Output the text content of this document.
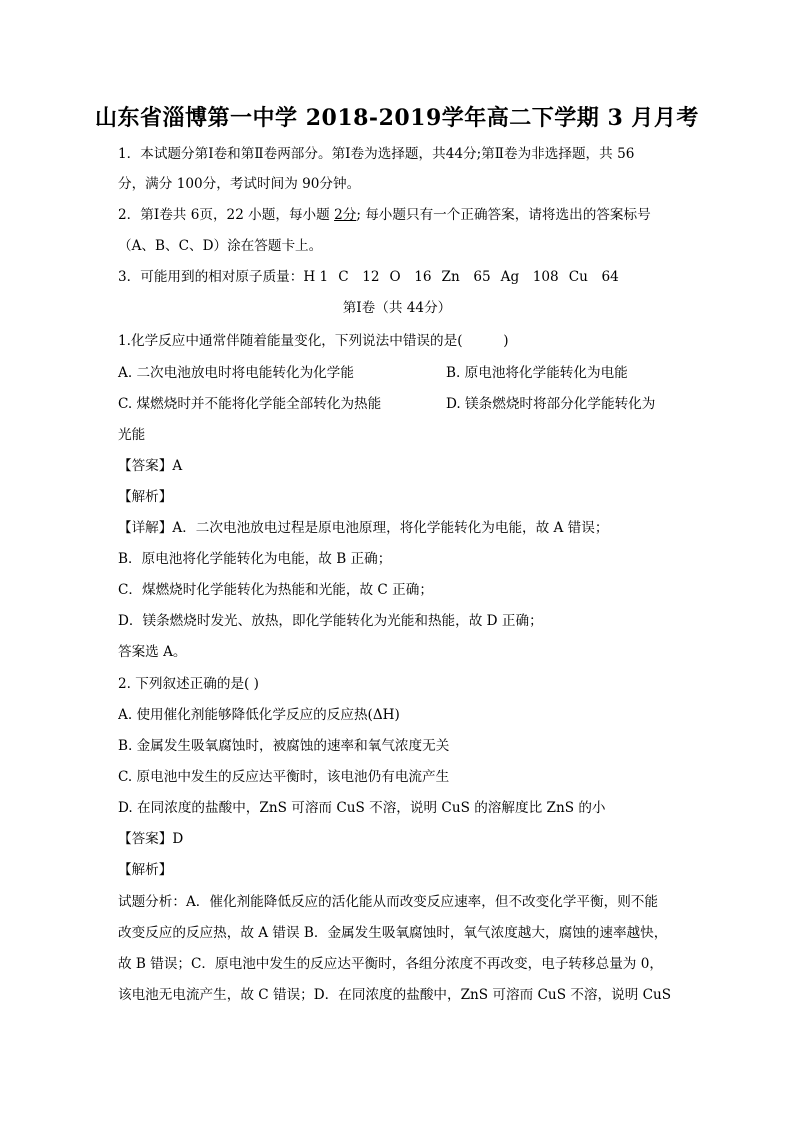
山东省淄博第一中学 2018-2019学年高二下学期 3 月月考
1．本试题分第Ⅰ卷和第Ⅱ卷两部分。第Ⅰ卷为选择题，共44分;第Ⅱ卷为非选择题，共 56
分，满分 100分，考试时间为 90分钟。
2．第Ⅰ卷共 6页，22 小题，每小题 2分; 每小题只有一个正确答案，请将选出的答案标号
（A、B、C、D）涂在答题卡上。
3．可能用到的相对原子质量：H 1 C　12 O　16 Zn　65 Ag　108 Cu　64
第Ⅰ卷（共 44分）
1.化学反应中通常伴随着能量变化，下列说法中错误的是(　　　)
A. 二次电池放电时将电能转化为化学能	B. 原电池将化学能转化为电能
C. 煤燃烧时并不能将化学能全部转化为热能	D. 镁条燃烧时将部分化学能转化为
光能
【答案】A
【解析】
【详解】A．二次电池放电过程是原电池原理，将化学能转化为电能，故 A 错误；
B．原电池将化学能转化为电能，故 B 正确；
C．煤燃烧时化学能转化为热能和光能，故 C 正确；
D．镁条燃烧时发光、放热，即化学能转化为光能和热能，故 D 正确；
答案选 A。
2. 下列叙述正确的是( )
A. 使用催化剂能够降低化学反应的反应热(ΔH)
B. 金属发生吸氧腐蚀时，被腐蚀的速率和氧气浓度无关
C. 原电池中发生的反应达平衡时，该电池仍有电流产生
D. 在同浓度的盐酸中，ZnS 可溶而 CuS 不溶，说明 CuS 的溶解度比 ZnS 的小
【答案】D
【解析】
试题分析：A．催化剂能降低反应的活化能从而改变反应速率，但不改变化学平衡，则不能
改变反应的反应热，故 A 错误 B．金属发生吸氧腐蚀时，氧气浓度越大，腐蚀的速率越快，
故 B 错误；C．原电池中发生的反应达平衡时，各组分浓度不再改变，电子转移总量为 0，
该电池无电流产生，故 C 错误；D．在同浓度的盐酸中，ZnS 可溶而 CuS 不溶，说明 CuS
